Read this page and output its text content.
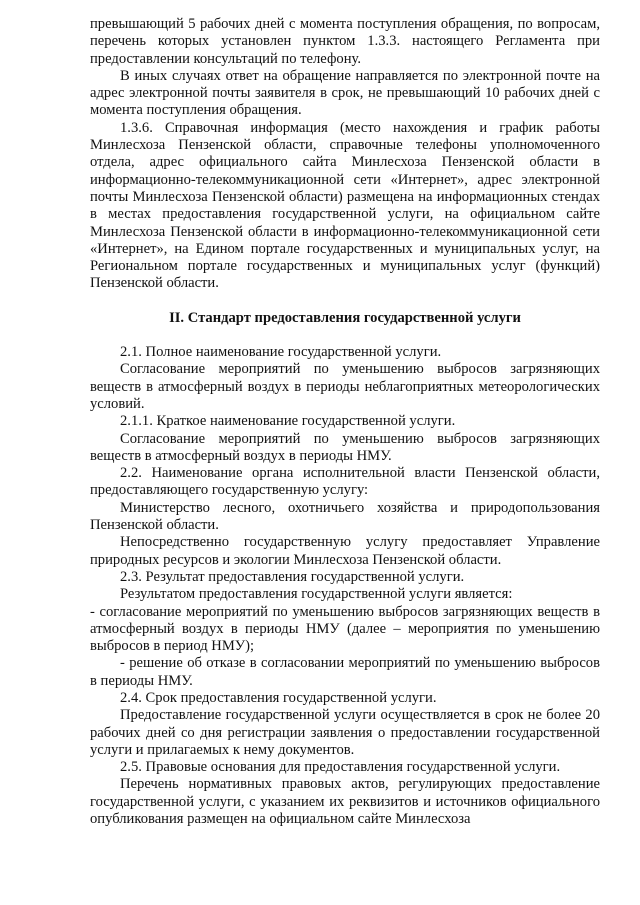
превышающий 5 рабочих дней с момента поступления обращения, по вопросам, перечень которых установлен пунктом 1.3.3. настоящего Регламента при предоставлении консультаций по телефону.

В иных случаях ответ на обращение направляется по электронной почте на адрес электронной почты заявителя в срок, не превышающий 10 рабочих дней с момента поступления обращения.

1.3.6. Справочная информация (место нахождения и график работы Минлесхоза Пензенской области, справочные телефоны уполномоченного отдела, адрес официального сайта Минлесхоза Пензенской области в информационно-телекоммуникационной сети «Интернет», адрес электронной почты Минлесхоза Пензенской области) размещена на информационных стендах в местах предоставления государственной услуги, на официальном сайте Минлесхоза Пензенской области в информационно-телекоммуникационной сети «Интернет», на Едином портале государственных и муниципальных услуг, на Региональном портале государственных и муниципальных услуг (функций) Пензенской области.

II. Стандарт предоставления государственной услуги

2.1. Полное наименование государственной услуги.

Согласование мероприятий по уменьшению выбросов загрязняющих веществ в атмосферный воздух в периоды неблагоприятных метеорологических условий.

2.1.1. Краткое наименование государственной услуги.

Согласование мероприятий по уменьшению выбросов загрязняющих веществ в атмосферный воздух в периоды НМУ.

2.2. Наименование органа исполнительной власти Пензенской области, предоставляющего государственную услугу:

Министерство лесного, охотничьего хозяйства и природопользования Пензенской области.

Непосредственно государственную услугу предоставляет Управление природных ресурсов и экологии Минлесхоза Пензенской области.

2.3. Результат предоставления государственной услуги.

Результатом предоставления государственной услуги является:

- согласование мероприятий по уменьшению выбросов загрязняющих веществ в атмосферный воздух в периоды НМУ (далее – мероприятия по уменьшению выбросов в период НМУ);

- решение об отказе в согласовании мероприятий по уменьшению выбросов в периоды НМУ.

2.4. Срок предоставления государственной услуги.

Предоставление государственной услуги осуществляется в срок не более 20 рабочих дней со дня регистрации заявления о предоставлении государственной услуги и прилагаемых к нему документов.

2.5. Правовые основания для предоставления государственной услуги.

Перечень нормативных правовых актов, регулирующих предоставление государственной услуги, с указанием их реквизитов и источников официального опубликования размещен на официальном сайте Минлесхоза
